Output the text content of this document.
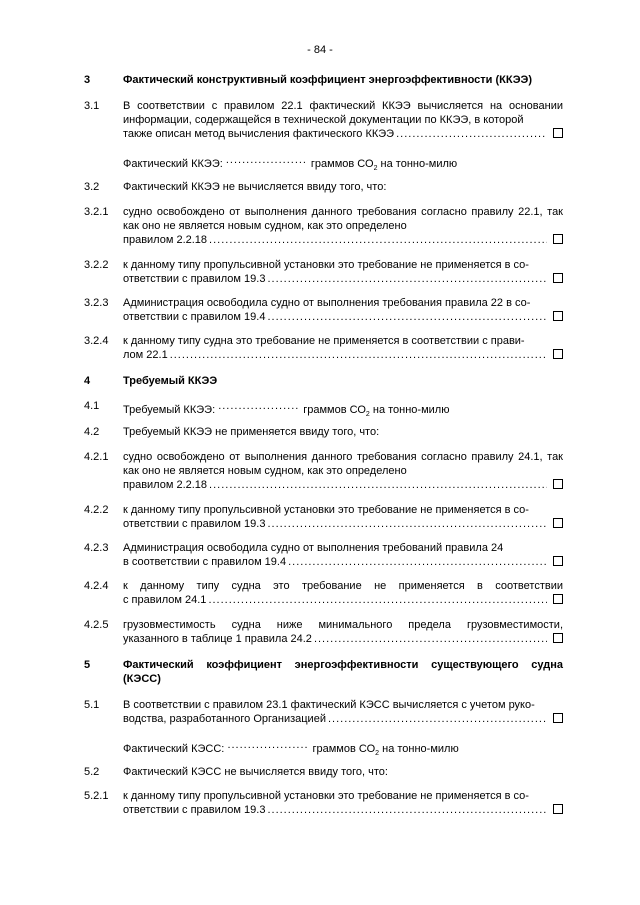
- 84 -
3	Фактический конструктивный коэффициент энергоэффективности (ККЭЭ)
3.1 В соответствии с правилом 22.1 фактический ККЭЭ вычисляется на основании информации, содержащейся в технической документации по ККЭЭ, в которой
также описан метод вычисления фактического ККЭЭ
.....
Фактический ККЭЭ: .....	граммов $СО_2$ на тонно-милю
3.2 Фактический ККЭЭ не вычисляется ввиду того, что:
3.2.1 судно освобождено от выполнения данного требования согласно правилу 22.1, так как оно не является новым судном, как это определено
правилом 2.2.18
.....
3.2.2 к данному типу пропульсивной установки это требование не применяется в со-
ответствии с правилом 19.3
.....
3.2.3 Администрация освободила судно от выполнения требования правила 22 в со-
ответствии с правилом 19.4
.....
3.2.4 к данному типу судна это требование не применяется в соответствии с прави-
лом 22.1
.....
4	Требуемый ККЭЭ
4.1 Требуемый ККЭЭ: .....	граммов $СО_2$ на тонно-милю
4.2 Требуемый ККЭЭ не применяется ввиду того, что:
4.2.1 судно освобождено от выполнения данного требования согласно правилу 24.1, так как оно не является новым судном, как это определено
правилом 2.2.18
.....
4.2.2 к данному типу пропульсивной установки это требование не применяется в со-
ответствии с правилом 19.3
.....
4.2.3 Администрация освободила судно от выполнения требований правила 24
в соответствии с правилом 19.4
.....
4.2.4 к данному типу судна это требование не применяется в соответствии
с правилом 24.1
.....
4.2.5 грузовместимость судна ниже минимального предела грузовместимости,
указанного в таблице 1 правила 24.2
.....
5	Фактический коэффициент энергоэффективности существующего судна (КЭСС)
5.1 В соответствии с правилом 23.1 фактический КЭСС вычисляется с учетом руко-
водства, разработанного Организацией
.....
Фактический КЭСС: .....	граммов $СО_2$ на тонно-милю
5.2 Фактический КЭСС не вычисляется ввиду того, что:
5.2.1 к данному типу пропульсивной установки это требование не применяется в со-
ответствии с правилом 19.3
.....
